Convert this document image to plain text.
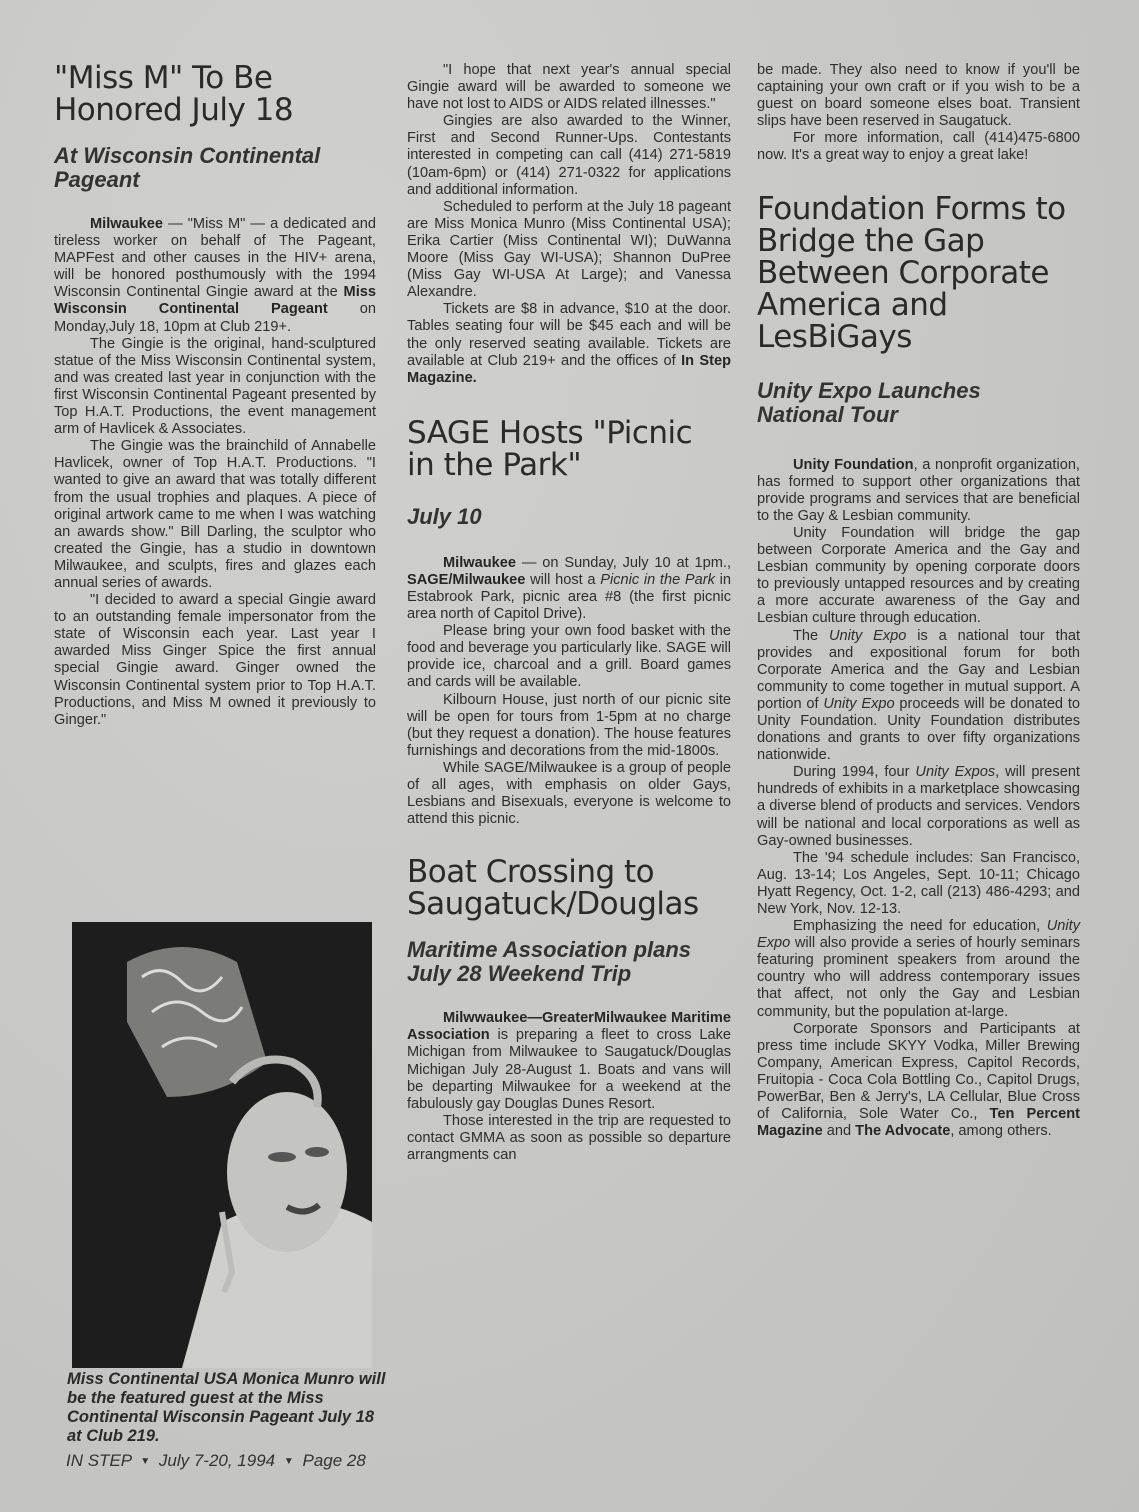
"Miss M" To Be
Honored July 18
At Wisconsin Continental Pageant

Milwaukee — "Miss M" — a dedicated and tireless worker on behalf of The Pageant, MAPFest and other causes in the HIV+ arena, will be honored posthumously with the 1994 Wisconsin Continental Gingie award at the Miss Wisconsin Continental Pageant on Monday,July 18, 10pm at Club 219+.

The Gingie is the original, hand-sculptured statue of the Miss Wisconsin Continental system, and was created last year in conjunction with the first Wisconsin Continental Pageant presented by Top H.A.T. Productions, the event management arm of Havlicek & Associates.

The Gingie was the brainchild of Annabelle Havlicek, owner of Top H.A.T. Productions. "I wanted to give an award that was totally different from the usual trophies and plaques. A piece of original artwork came to me when I was watching an awards show." Bill Darling, the sculptor who created the Gingie, has a studio in downtown Milwaukee, and sculpts, fires and glazes each annual series of awards.

"I decided to award a special Gingie award to an outstanding female impersonator from the state of Wisconsin each year. Last year I awarded Miss Ginger Spice the first annual special Gingie award. Ginger owned the Wisconsin Continental system prior to Top H.A.T. Productions, and Miss M owned it previously to Ginger."

Miss Continental USA Monica Munro will be the featured guest at the Miss Continental Wisconsin Pageant July 18 at Club 219.
IN STEP ▼ July 7-20, 1994 ▼ Page 28

"I hope that next year's annual special Gingie award will be awarded to someone we have not lost to AIDS or AIDS related illnesses."

Gingies are also awarded to the Winner, First and Second Runner-Ups. Contestants interested in competing can call (414) 271-5819 (10am-6pm) or (414) 271-0322 for applications and additional information.

Scheduled to perform at the July 18 pageant are Miss Monica Munro (Miss Continental USA); Erika Cartier (Miss Continental WI); DuWanna Moore (Miss Gay WI-USA); Shannon DuPree (Miss Gay WI-USA At Large); and Vanessa Alexandre.

Tickets are $8 in advance, $10 at the door. Tables seating four will be $45 each and will be the only reserved seating available. Tickets are available at Club 219+ and the offices of In Step Magazine.

SAGE Hosts "Picnic in the Park"
July 10

Milwaukee — on Sunday, July 10 at 1pm., SAGE/Milwaukee will host a Picnic in the Park in Estabrook Park, picnic area #8 (the first picnic area north of Capitol Drive).

Please bring your own food basket with the food and beverage you particularly like. SAGE will provide ice, charcoal and a grill. Board games and cards will be available.

Kilbourn House, just north of our picnic site will be open for tours from 1-5pm at no charge (but they request a donation). The house features furnishings and decorations from the mid-1800s.

While SAGE/Milwaukee is a group of people of all ages, with emphasis on older Gays, Lesbians and Bisexuals, everyone is welcome to attend this picnic.

Boat Crossing to
Saugatuck/Douglas
Maritime Association plans July 28 Weekend Trip

Milwwaukee—GreaterMilwaukee Maritime Association is preparing a fleet to cross Lake Michigan from Milwaukee to Saugatuck/Douglas Michigan July 28-August 1. Boats and vans will be departing Milwaukee for a weekend at the fabulously gay Douglas Dunes Resort.

Those interested in the trip are requested to contact GMMA as soon as possible so departure arrangments can

be made. They also need to know if you'll be captaining your own craft or if you wish to be a guest on board someone elses boat. Transient slips have been reserved in Saugatuck.

For more information, call (414)475-6800 now. It's a great way to enjoy a great lake!

Foundation Forms to Bridge the Gap Between Corporate America and LesBiGays
Unity Expo Launches National Tour

Unity Foundation, a nonprofit organization, has formed to support other organizations that provide programs and services that are beneficial to the Gay & Lesbian community.

Unity Foundation will bridge the gap between Corporate America and the Gay and Lesbian community by opening corporate doors to previously untapped resources and by creating a more accurate awareness of the Gay and Lesbian culture through education.

The Unity Expo is a national tour that provides and expositional forum for both Corporate America and the Gay and Lesbian community to come together in mutual support. A portion of Unity Expo proceeds will be donated to Unity Foundation. Unity Foundation distributes donations and grants to over fifty organizations nationwide.

During 1994, four Unity Expos, will present hundreds of exhibits in a marketplace showcasing a diverse blend of products and services. Vendors will be national and local corporations as well as Gay-owned businesses.

The '94 schedule includes: San Francisco, Aug. 13-14; Los Angeles, Sept. 10-11; Chicago Hyatt Regency, Oct. 1-2, call (213) 486-4293; and New York, Nov. 12-13.

Emphasizing the need for education, Unity Expo will also provide a series of hourly seminars featuring prominent speakers from around the country who will address contemporary issues that affect, not only the Gay and Lesbian community, but the population at-large.

Corporate Sponsors and Participants at press time include SKYY Vodka, Miller Brewing Company, American Express, Capitol Records, Fruitopia - Coca Cola Bottling Co., Capitol Drugs, PowerBar, Ben & Jerry's, LA Cellular, Blue Cross of California, Sole Water Co., Ten Percent Magazine and The Advocate, among others.
